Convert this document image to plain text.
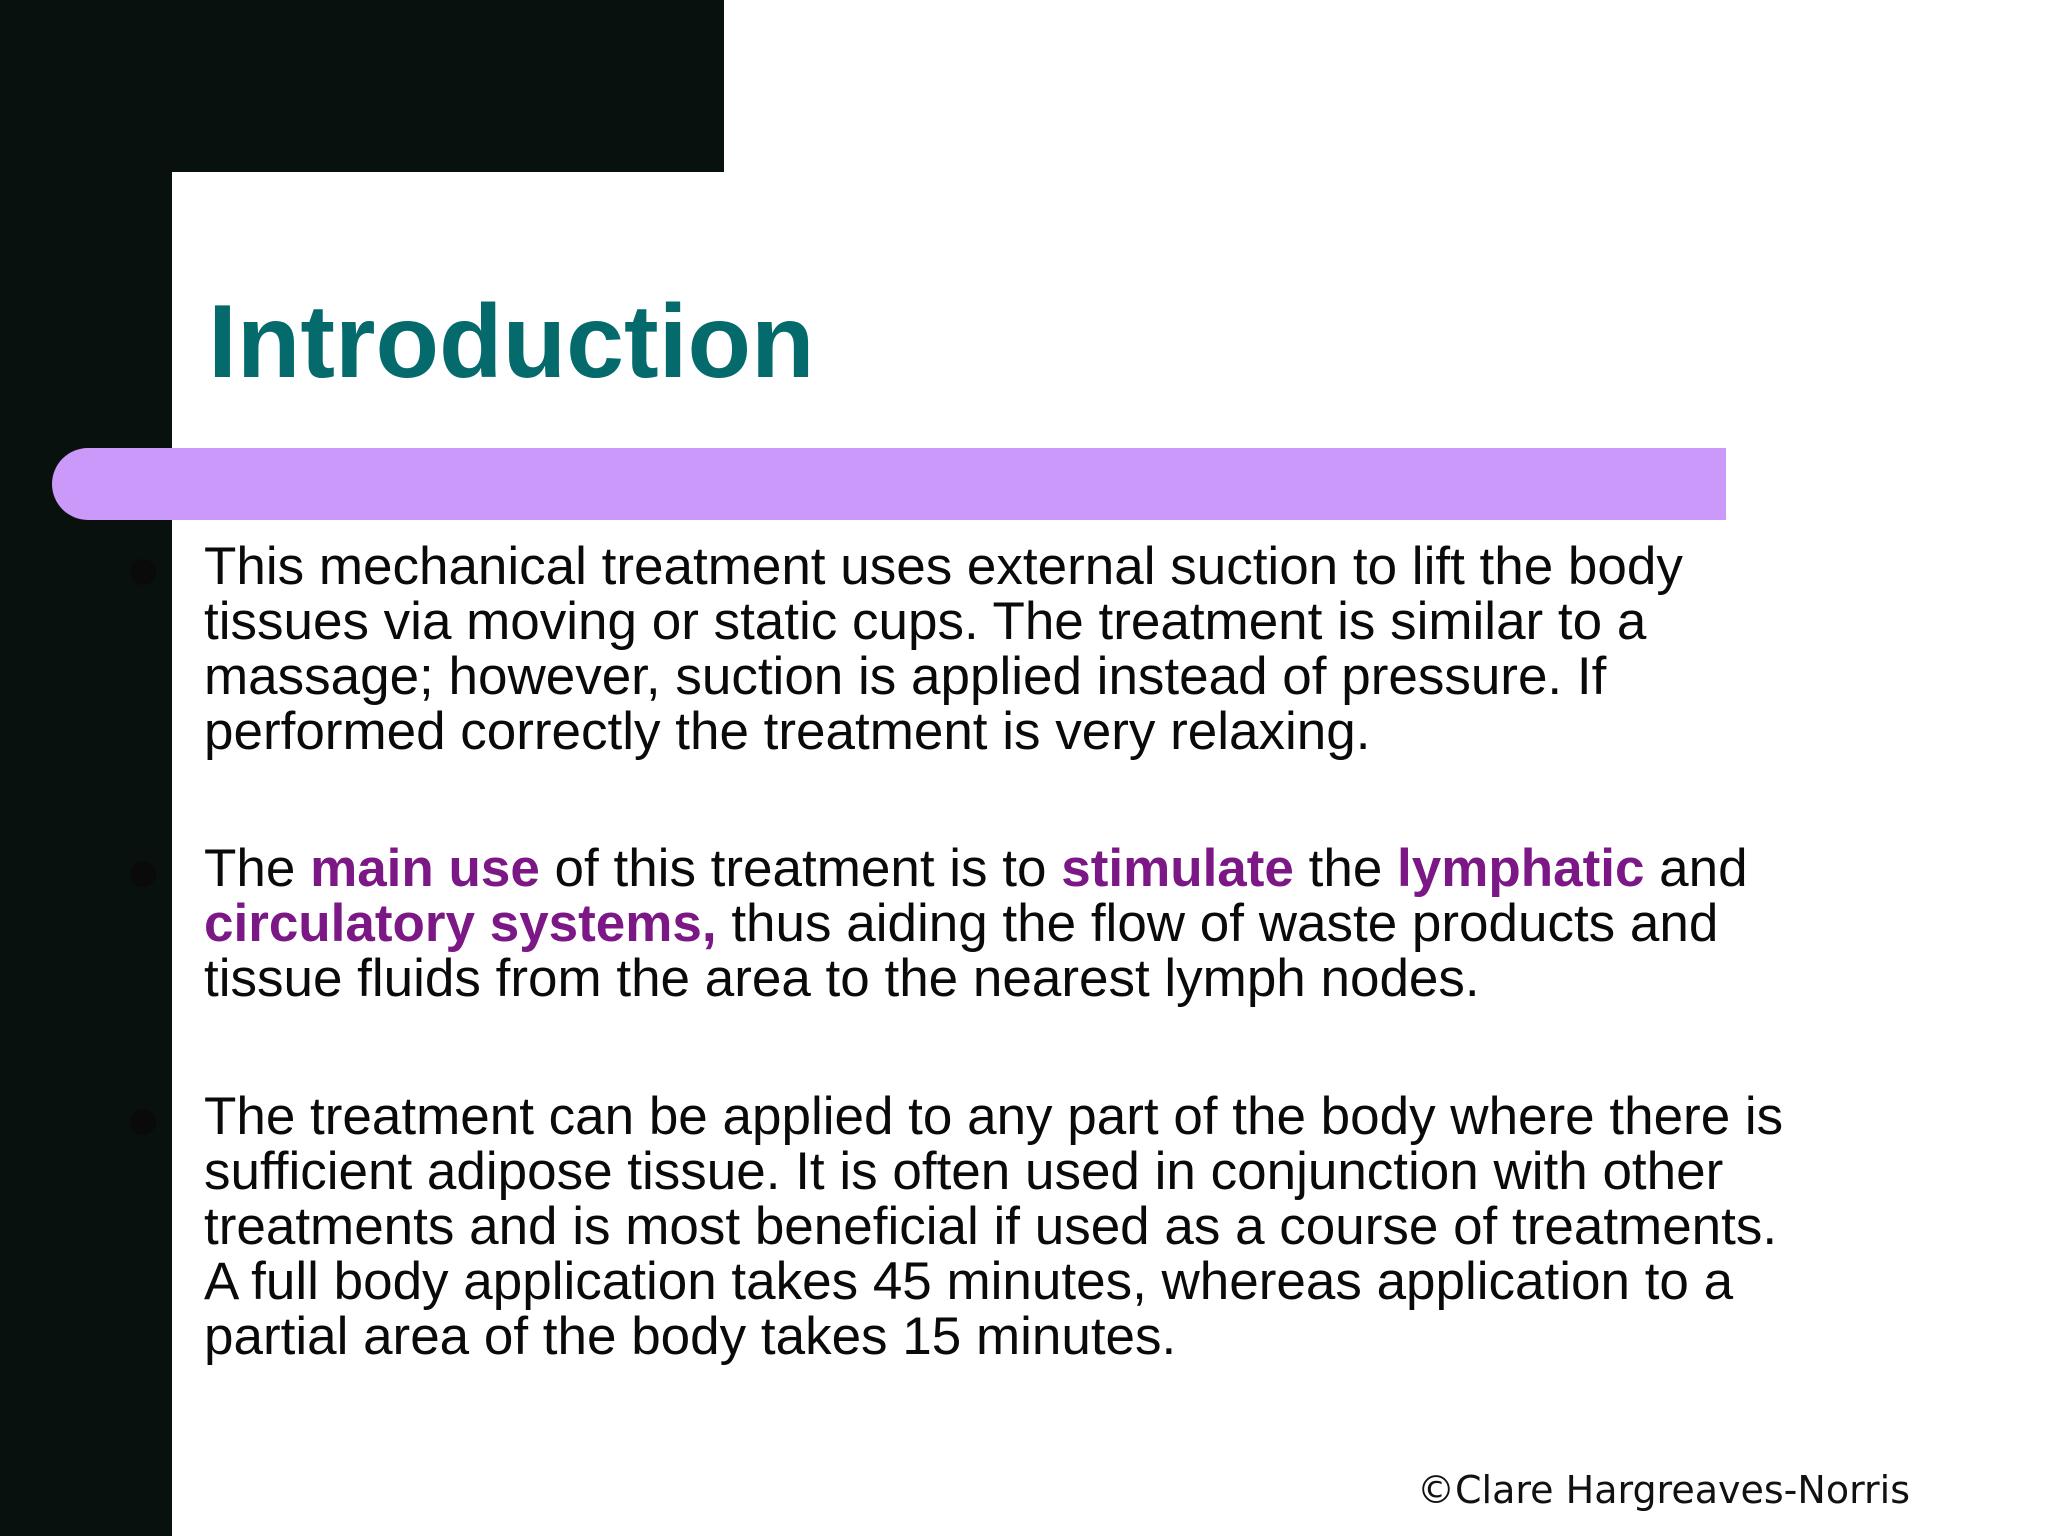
Introduction
This mechanical treatment uses external suction to lift the body
tissues via moving or static cups. The treatment is similar to a
massage; however, suction is applied instead of pressure. If
performed correctly the treatment is very relaxing.
The main use of this treatment is to stimulate the lymphatic and
circulatory systems, thus aiding the flow of waste products and
tissue fluids from the area to the nearest lymph nodes.
The treatment can be applied to any part of the body where there is
sufficient adipose tissue. It is often used in conjunction with other
treatments and is most beneficial if used as a course of treatments.
A full body application takes 45 minutes, whereas application to a
partial area of the body takes 15 minutes.
©Clare Hargreaves-Norris
